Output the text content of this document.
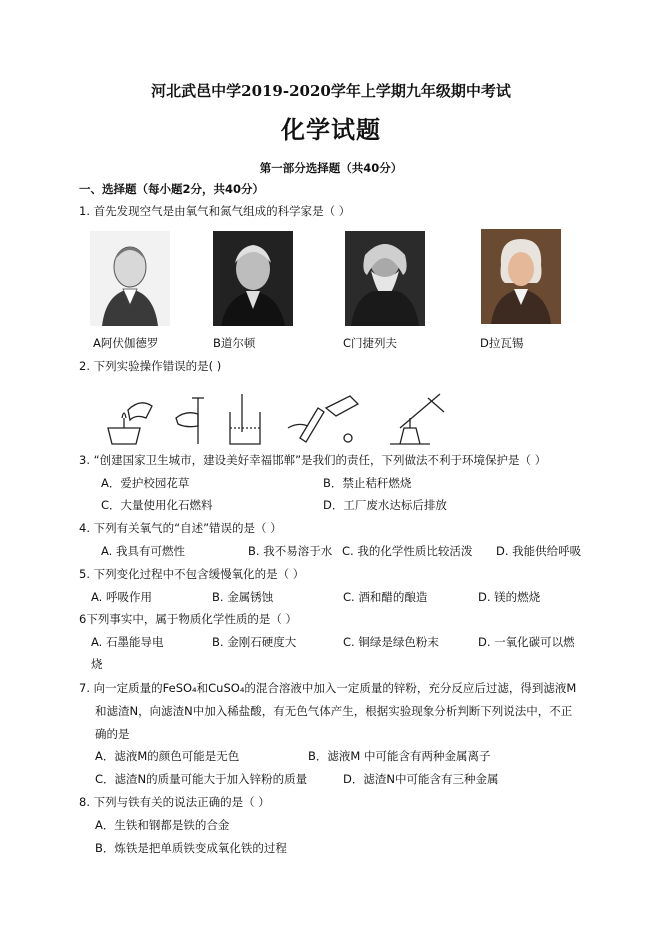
河北武邑中学2019-2020学年上学期九年级期中考试
化学试题
第一部分选择题（共40分）
一、选择题（每小题2分，共40分）
1. 首先发现空气是由氧气和氮气组成的科学家是（ ）
A阿伏伽德罗	B道尔顿	C门捷列夫	D拉瓦锡
2. 下列实验操作错误的是( )
3. “创建国家卫生城市，建设美好幸福邯郸”是我们的责任，下列做法不利于环境保护是（ ）
A．爱护校园花草	B．禁止秸秆燃烧
C．大量使用化石燃料	D．工厂废水达标后排放
4. 下列有关氧气的“自述”错误的是（ ）
A. 我具有可燃性	B. 我不易溶于水 C. 我的化学性质比较活泼 D. 我能供给呼吸
5. 下列变化过程中不包含缓慢氧化的是（ ）
A. 呼吸作用	B. 金属锈蚀	C. 酒和醋的酿造	D. 镁的燃烧
6下列事实中，属于物质化学性质的是（ ）
A. 石墨能导电	B. 金刚石硬度大	C. 铜绿是绿色粉末	D. 一氧化碳可以燃
烧
7. 向一定质量的FeSO₄和CuSO₄的混合溶液中加入一定质量的锌粉，充分反应后过滤，得到滤液M
和滤渣N，向滤渣N中加入稀盐酸，有无色气体产生，根据实验现象分析判断下列说法中，不正
确的是
A．滤液M的颜色可能是无色	B．滤液M 中可能含有两种金属离子
C．滤渣N的质量可能大于加入锌粉的质量	D．滤渣N中可能含有三种金属
8. 下列与铁有关的说法正确的是（ ）
A．生铁和钢都是铁的合金
B．炼铁是把单质铁变成氧化铁的过程
